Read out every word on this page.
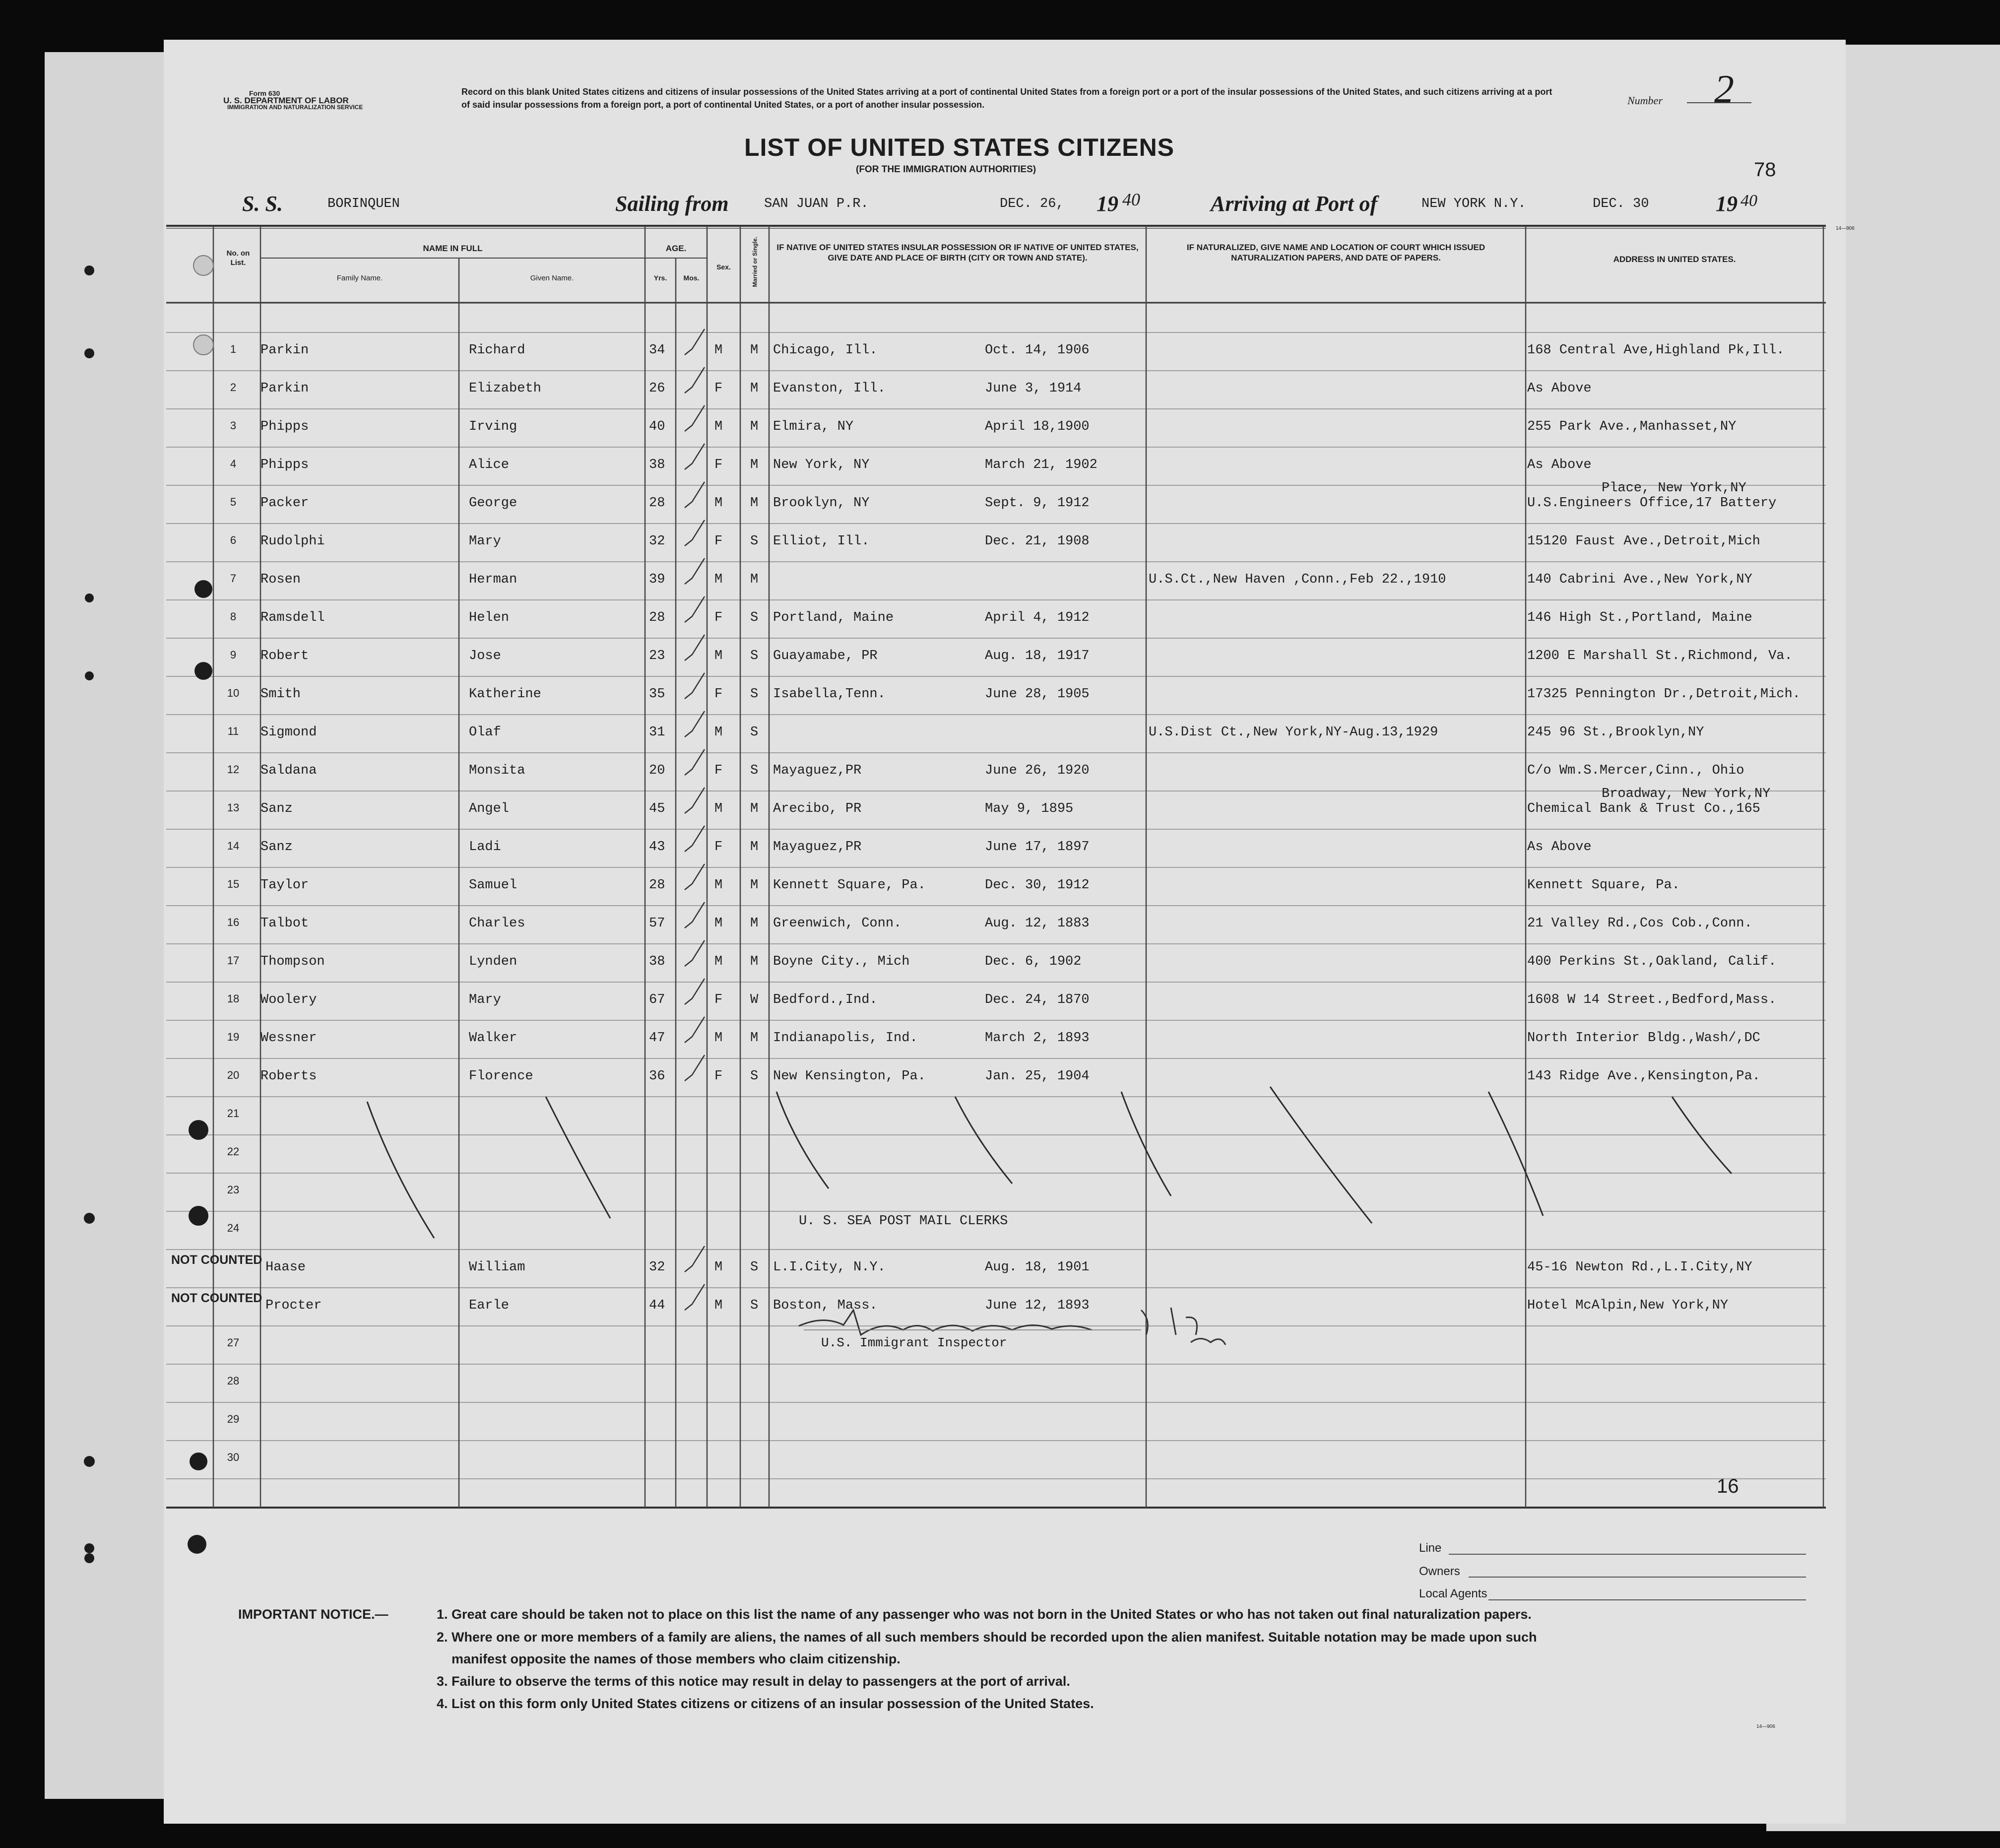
Form 630
U. S. DEPARTMENT OF LABOR
IMMIGRATION AND NATURALIZATION SERVICE
Record on this blank United States citizens and citizens of insular possessions of the United States arriving at a port of continental United States from a foreign port or a port of the insular possessions of the United States, and such citizens arriving at a port of said insular possessions from a foreign port, a port of continental United States, or a port of another insular possession.	Number 2
LIST OF UNITED STATES CITIZENS
(FOR THE IMMIGRATION AUTHORITIES)	78
S. S.	BORINQUEN	Sailing from	SAN JUAN P.R.	DEC. 26, 19 40	Arriving at Port of	NEW YORK N.Y.	DEC. 30	19 40
14—906
No. on List.
NAME IN FULL
Family Name.	Given Name.
AGE.
Yrs.	Mos.
Sex.	Married or Single. IF NATIVE OF UNITED STATES INSULAR POSSESSION OR IF NATIVE OF UNITED STATES, GIVE DATE AND PLACE OF BIRTH (CITY OR TOWN AND STATE).
IF NATURALIZED, GIVE NAME AND LOCATION OF COURT WHICH ISSUED NATURALIZATION PAPERS, AND DATE OF PAPERS.	ADDRESS IN UNITED STATES.
1	Parkin	Richard	34	M M Chicago, Ill.	Oct. 14, 1906	168 Central Ave,Highland Pk,Ill.
2	Parkin	Elizabeth	26	F M Evanston, Ill.	June 3, 1914	As Above
3	Phipps	Irving	40	M M Elmira, NY	April 18,1900	255 Park Ave.,Manhasset,NY
4	Phipps	Alice	38	F M New York, NY	March 21, 1902	As Above
5	Packer	George	28	M M Brooklyn, NY	Sept. 9, 1912	U.S.Engineers Office,17 Battery
Place, New York,NY
6	Rudolphi	Mary	32	F S Elliot, Ill.	Dec. 21, 1908	15120 Faust Ave.,Detroit,Mich
7	Rosen	Herman	39	M M	U.S.Ct.,New Haven ,Conn.,Feb 22.,1910	140 Cabrini Ave.,New York,NY
8	Ramsdell	Helen	28	F S Portland, Maine	April 4, 1912	146 High St.,Portland, Maine
9	Robert	Jose	23	M S Guayamabe, PR	Aug. 18, 1917	1200 E Marshall St.,Richmond, Va.
10	Smith	Katherine	35	F S Isabella,Tenn.	June 28, 1905	17325 Pennington Dr.,Detroit,Mich.
11	Sigmond	Olaf	31	M S	U.S.Dist Ct.,New York,NY-Aug.13,1929	245 96 St.,Brooklyn,NY
12	Saldana	Monsita	20	F S Mayaguez,PR	June 26, 1920	C/o Wm.S.Mercer,Cinn., Ohio
13	Sanz	Angel	45	M M Arecibo, PR	May 9, 1895	Chemical Bank & Trust Co.,165
Broadway, New York,NY
14	Sanz	Ladi	43	F M Mayaguez,PR	June 17, 1897	As Above
15	Taylor	Samuel	28	M M Kennett Square, Pa.	Dec. 30, 1912	Kennett Square, Pa.
16	Talbot	Charles	57	M M Greenwich, Conn.	Aug. 12, 1883	21 Valley Rd.,Cos Cob.,Conn.
17	Thompson	Lynden	38	M M Boyne City., Mich	Dec. 6, 1902	400 Perkins St.,Oakland, Calif.
18	Woolery	Mary	67	F W Bedford.,Ind.	Dec. 24, 1870	1608 W 14 Street.,Bedford,Mass.
19	Wessner	Walker	47	M M Indianapolis, Ind.	March 2, 1893	North Interior Bldg.,Wash/,DC
20	Roberts	Florence	36	F S New Kensington, Pa.	Jan. 25, 1904	143 Ridge Ave.,Kensington,Pa.
21
22
23
24
27
28
29
30
U. S. SEA POST MAIL CLERKS
NOT COUNTED Haase	William	32	M S L.I.City, N.Y.	Aug. 18, 1901	45-16 Newton Rd.,L.I.City,NY
NOT COUNTED Procter	Earle	44	M S Boston, Mass.	June 12, 1893	Hotel McAlpin,New York,NY
U.S. Immigrant Inspector
16
Line
Owners
Local Agents
IMPORTANT NOTICE.—	1. Great care should be taken not to place on this list the name of any passenger who was not born in the United States or who has not taken out final naturalization papers.
2. Where one or more members of a family are aliens, the names of all such members should be recorded upon the alien manifest. Suitable notation may be made upon such
manifest opposite the names of those members who claim citizenship.
3. Failure to observe the terms of this notice may result in delay to passengers at the port of arrival.
4. List on this form only United States citizens or citizens of an insular possession of the United States.
14—906
